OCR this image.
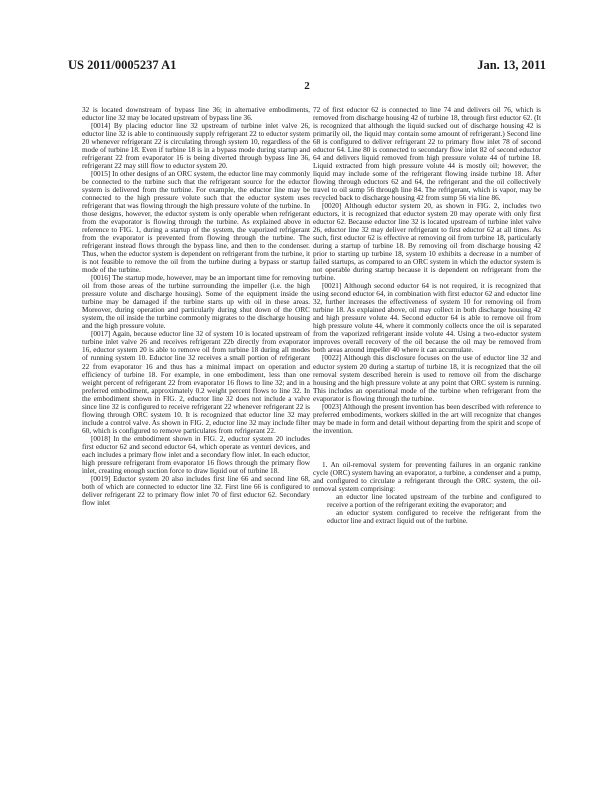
US 2011/0005237 A1	Jan. 13, 2011
2

32 is located downstream of bypass line 36; in alternative embodiments, eductor line 32 may be located upstream of bypass line 36.

[0014] By placing eductor line 32 upstream of turbine inlet valve 26, eductor line 32 is able to continuously supply refrigerant 22 to eductor system 20 whenever refrigerant 22 is circulating through system 10, regardless of the mode of turbine 18. Even if turbine 18 is in a bypass mode during startup and refrigerant 22 from evaporator 16 is being diverted through bypass line 36, refrigerant 22 may still flow to eductor system 20.

[0015] In other designs of an ORC system, the eductor line may commonly be connected to the turbine such that the refrigerant source for the eductor system is delivered from the turbine. For example, the eductor line may be connected to the high pressure volute such that the eductor system uses refrigerant that was flowing through the high pressure volute of the turbine. In those designs, however, the eductor system is only operable when refrigerant from the evaporator is flowing through the turbine. As explained above in reference to FIG. 1, during a startup of the system, the vaporized refrigerant from the evaporator is prevented from flowing through the turbine. The refrigerant instead flows through the bypass line, and then to the condenser. Thus, when the eductor system is dependent on refrigerant from the turbine, it is not feasible to remove the oil from the turbine during a bypass or startup mode of the turbine.

[0016] The startup mode, however, may be an important time for removing oil from those areas of the turbine surrounding the impeller (i.e. the high pressure volute and discharge housing). Some of the equipment inside the turbine may be damaged if the turbine starts up with oil in these areas. Moreover, during operation and particularly during shut down of the ORC system, the oil inside the turbine commonly migrates to the discharge housing and the high pressure volute.

[0017] Again, because eductor line 32 of system 10 is located upstream of turbine inlet valve 26 and receives refrigerant 22b directly from evaporator 16, eductor system 20 is able to remove oil from turbine 18 during all modes of running system 10. Eductor line 32 receives a small portion of refrigerant 22 from evaporator 16 and thus has a minimal impact on operation and efficiency of turbine 18. For example, in one embodiment, less than one weight percent of refrigerant 22 from evaporator 16 flows to line 32; and in a preferred embodiment, approximately 0.2 weight percent flows to line 32. In the embodiment shown in FIG. 2, eductor line 32 does not include a valve since line 32 is configured to receive refrigerant 22 whenever refrigerant 22 is flowing through ORC system 10. It is recognized that eductor line 32 may include a control valve. As shown in FIG. 2, eductor line 32 may include filter 60, which is configured to remove particulates from refrigerant 22.

[0018] In the embodiment shown in FIG. 2, eductor system 20 includes first eductor 62 and second eductor 64, which operate as venturi devices, and each includes a primary flow inlet and a secondary flow inlet. In each eductor, high pressure refrigerant from evaporator 16 flows through the primary flow inlet, creating enough suction force to draw liquid out of turbine 18.

[0019] Eductor system 20 also includes first line 66 and second line 68, both of which are connected to eductor line 32. First line 66 is configured to deliver refrigerant 22 to primary flow inlet 70 of first eductor 62. Secondary flow inlet

72 of first eductor 62 is connected to line 74 and delivers oil 76, which is removed from discharge housing 42 of turbine 18, through first eductor 62. (It is recognized that although the liquid sucked out of discharge housing 42 is primarily oil, the liquid may contain some amount of refrigerant.) Second line 68 is configured to deliver refrigerant 22 to primary flow inlet 78 of second eductor 64. Line 80 is connected to secondary flow inlet 82 of second eductor 64 and delivers liquid removed from high pressure volute 44 of turbine 18. Liquid extracted from high pressure volute 44 is mostly oil; however, the liquid may include some of the refrigerant flowing inside turbine 18. After flowing through eductors 62 and 64, the refrigerant and the oil collectively travel to oil sump 56 through line 84. The refrigerant, which is vapor, may be recycled back to discharge housing 42 from sump 56 via line 86.

[0020] Although eductor system 20, as shown in FIG. 2, includes two eductors, it is recognized that eductor system 20 may operate with only first eductor 62. Because eductor line 32 is located upstream of turbine inlet valve 26, eductor line 32 may deliver refrigerant to first eductor 62 at all times. As such, first eductor 62 is effective at removing oil from turbine 18, particularly during a startup of turbine 18. By removing oil from discharge housing 42 prior to starting up turbine 18, system 10 exhibits a decrease in a number of failed startups, as compared to an ORC system in which the eductor system is not operable during startup because it is dependent on refrigerant from the turbine.

[0021] Although second eductor 64 is not required, it is recognized that using second eductor 64, in combination with first eductor 62 and eductor line 32, further increases the effectiveness of system 10 for removing oil from turbine 18. As explained above, oil may collect in both discharge housing 42 and high pressure volute 44. Second eductor 64 is able to remove oil from high pressure volute 44, where it commonly collects once the oil is separated from the vaporized refrigerant inside volute 44. Using a two-eductor system improves overall recovery of the oil because the oil may be removed from both areas around impeller 40 where it can accumulate.

[0022] Although this disclosure focuses on the use of eductor line 32 and eductor system 20 during a startup of turbine 18, it is recognized that the oil removal system described herein is used to remove oil from the discharge housing and the high pressure volute at any point that ORC system is running. This includes an operational mode of the turbine when refrigerant from the evaporator is flowing through the turbine.

[0023] Although the present invention has been described with reference to preferred embodiments, workers skilled in the art will recognize that changes may be made in form and detail without departing from the spirit and scope of the invention.

1. An oil-removal system for preventing failures in an organic rankine cycle (ORC) system having an evaporator, a turbine, a condenser and a pump, and configured to circulate a refrigerant through the ORC system, the oil-removal system comprising:

an eductor line located upstream of the turbine and configured to receive a portion of the refrigerant exiting the evaporator; and

an eductor system configured to receive the refrigerant from the eductor line and extract liquid out of the turbine.
